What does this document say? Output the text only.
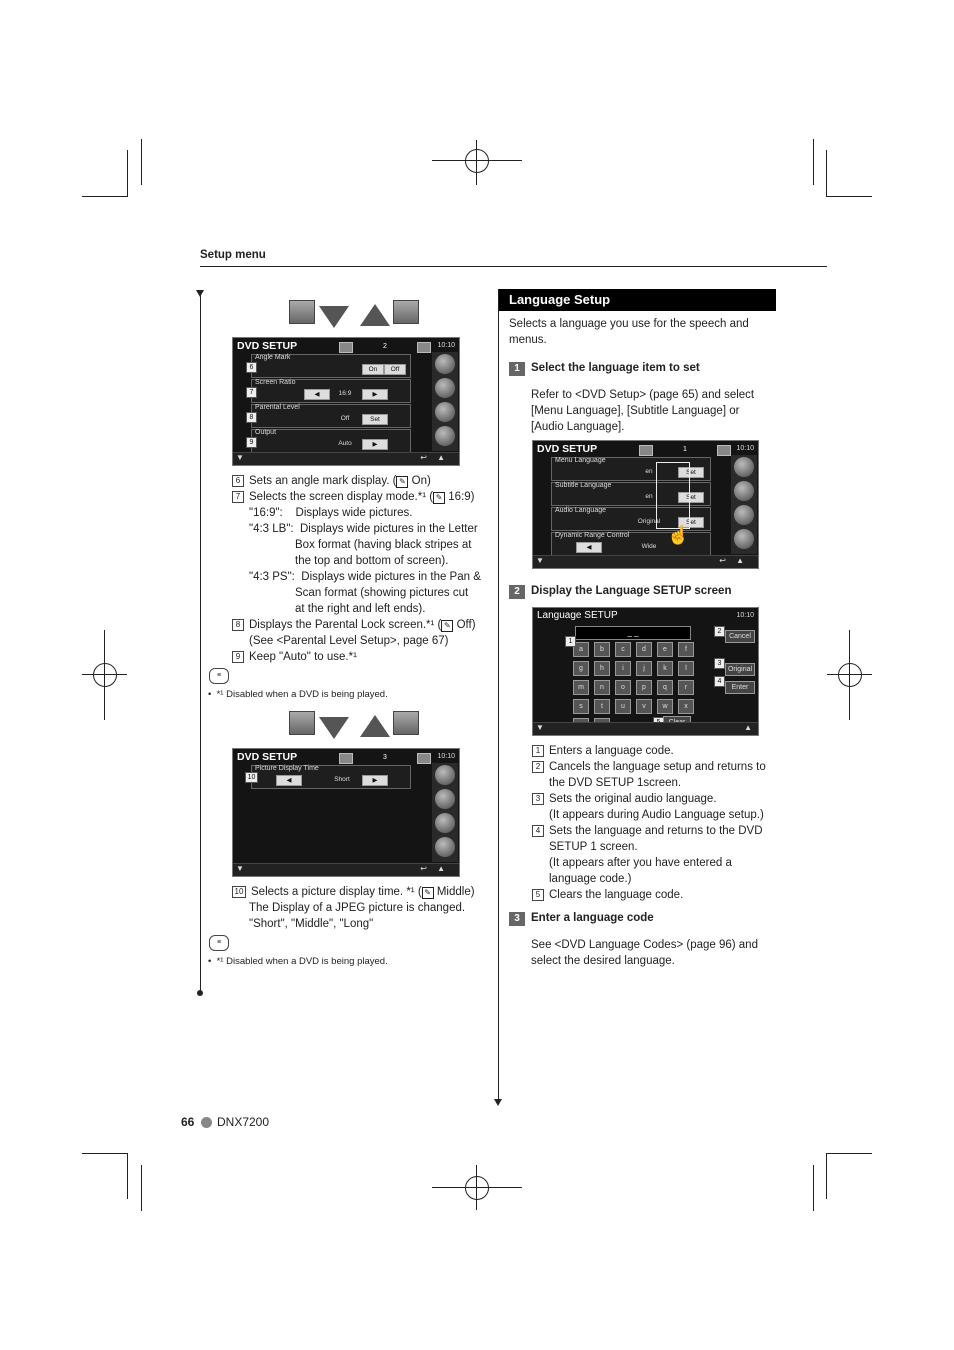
Setup menu
DVD SETUP	2	10:10
Angle Mark
On	Off
6
Screen Ratio
◀	16:9	▶
7
Parental Level
Off	Set
8
Output
Auto	▶
9
▼	↩ ▲
6 Sets an angle mark display. ( ✎ On)
7 Selects the screen display mode.*¹ ( ✎ 16:9)
"16:9":    Displays wide pictures.
"4:3 LB":  Displays wide pictures in the Letter
Box format (having black stripes at
the top and bottom of screen).
"4:3 PS":  Displays wide pictures in the Pan &
Scan format (showing pictures cut
at the right and left ends).
8 Displays the Parental Lock screen.*¹ ( ✎ Off)
(See <Parental Level Setup>, page 67)
9 Keep "Auto" to use.*¹
≡
•  *¹ Disabled when a DVD is being played.
DVD SETUP	3	10:10
Picture Display Time
◀	Short	▶
10
▼	↩ ▲
10 Selects a picture display time. *¹ ( ✎ Middle)
The Display of a JPEG picture is changed.
"Short", "Middle", "Long"
≡
•  *¹ Disabled when a DVD is being played.
Language Setup
Selects a language you use for the speech and
menus.
1 Select the language item to set
Refer to <DVD Setup> (page 65) and select
[Menu Language], [Subtitle Language] or
[Audio Language].
DVD SETUP	1	10:10
Menu Language
en	Set
Subtitle Language
en	Set
Audio Language
Original	Set
Dynamic Range Control
◀	Wide
☝
▼	↩ ▲
2 Display the Language SETUP screen
Language SETUP	10:10
_ _
a	b	c	d	e	f
g	h	i	j	k	l
m	n	o	p	q	r
s	t	u	v	w	x
1
2
Cancel
3
Original
4
Enter
▼	▲
1 Enters a language code.
2 Cancels the language setup and returns to
the DVD SETUP 1screen.
3 Sets the original audio language.
(It appears during Audio Language setup.)
4 Sets the language and returns to the DVD
SETUP 1 screen.
(It appears after you have entered a
language code.)
5 Clears the language code.
3 Enter a language code
See <DVD Language Codes> (page 96) and
select the desired language.
66 DNX7200
